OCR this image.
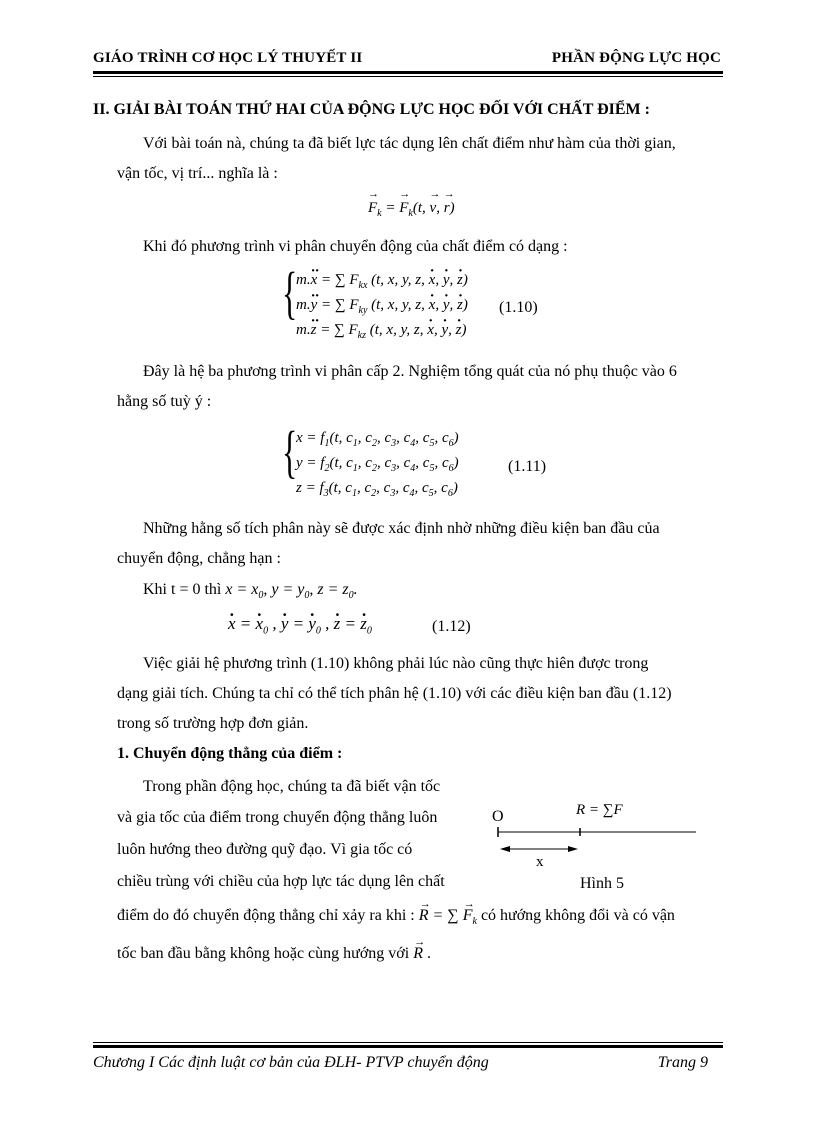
GIÁO TRÌNH CƠ HỌC LÝ THUYẾT II	PHẦN ĐỘNG LỰC HỌC
II. GIẢI BÀI TOÁN THỨ HAI CỦA ĐỘNG LỰC HỌC ĐỐI VỚI CHẤT ĐIỂM :
Với bài toán nà, chúng ta đã biết lực tác dụng lên chất điểm như hàm của thời gian,
vận tốc, vị trí... nghĩa là :
F
→
$_k$ = F
→
$_k$(t, v
→
, r
→
)
Khi đó phương trình vi phân chuyển động của chất điểm có dạng :
{
m.x ·· = ∑ $F_{kx}$ (t, x, y, z, x ·, y ·, z ·)
m.y ·· = ∑ $F_{ky}$ (t, x, y, z, x ·, y ·, z ·)
m.z ·· = ∑ $F_{kz}$ (t, x, y, z, x ·, y ·, z ·)
(1.10)
Đây là hệ ba phương trình vi phân cấp 2. Nghiệm tổng quát của nó phụ thuộc vào 6
hằng số tuỳ ý :
{
$x = f_1(t$, $c_1$, $c_2$, $c_3$, $c_4$, $c_5$, $c_6$)
$y = f_2(t$, $c_1$, $c_2$, $c_3$, $c_4$, $c_5$, $c_6$)
$z = f_3(t$, $c_1$, $c_2$, $c_3$, $c_4$, $c_5$, $c_6$)
(1.11)
Những hằng số tích phân này sẽ được xác định nhờ những điều kiện ban đầu của
chuyển động, chẳng hạn :
Khi t = 0 thì $x = x_0$, $y = y_0$, $z = z_0$.
x · = $x \cdot_0$ , y · = $y \cdot_0$ , z · = $z \cdot_0$	(1.12)
Việc giải hệ phương trình (1.10) không phải lúc nào cũng thực hiên được trong
dạng giải tích. Chúng ta chỉ có thể tích phân hệ (1.10) với các điều kiện ban đầu (1.12)
trong số trường hợp đơn giản.
1. Chuyển động thẳng của điểm :
Trong phần động học, chúng ta đã biết vận tốc
và gia tốc của điểm trong chuyển động thẳng luôn
luôn hướng theo đường quỹ đạo. Vì gia tốc có
chiều trùng với chiều của hợp lực tác dụng lên chất
điểm do đó chuyển động thẳng chỉ xảy ra khi : R
→
= ∑ F
→
$_k$ có hướng không đổi và có vận
tốc ban đầu bằng không hoặc cùng hướng với R
→
.
O
x
R = ∑F
Hình 5
Chương I Các định luật cơ bản của ĐLH- PTVP chuyển động	Trang 9
